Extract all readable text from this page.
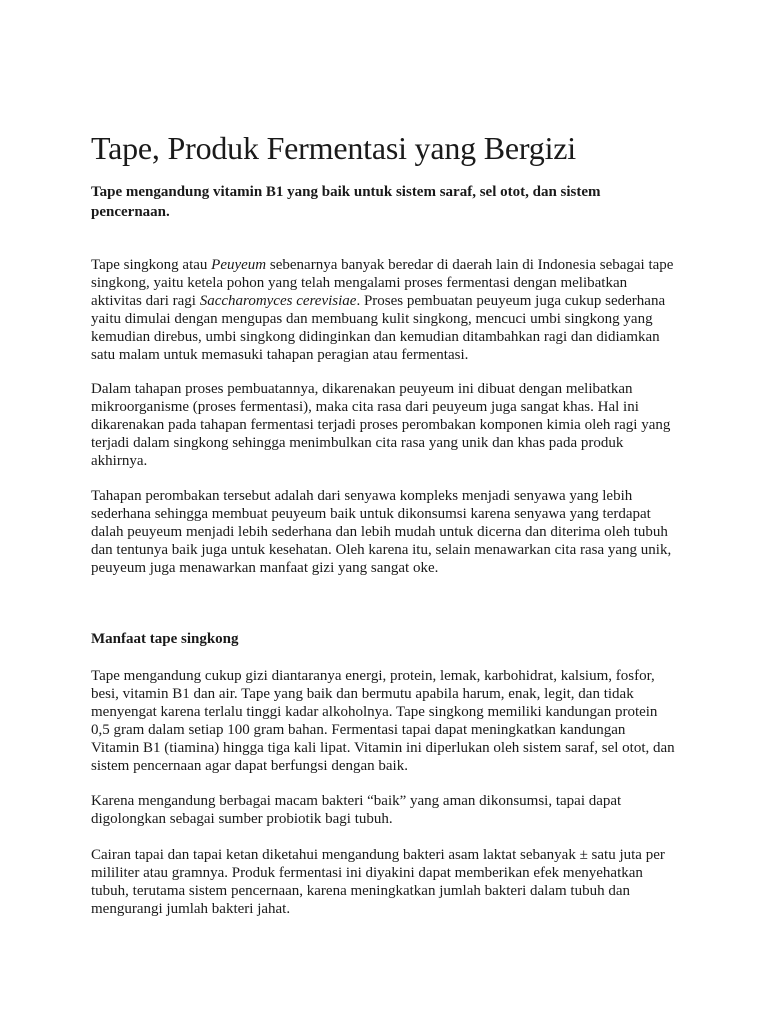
Tape, Produk Fermentasi yang Bergizi

Tape mengandung vitamin B1 yang baik untuk sistem saraf, sel otot, dan sistem pencernaan.

Tape singkong atau Peuyeum sebenarnya banyak beredar di daerah lain di Indonesia sebagai tape
singkong, yaitu ketela pohon yang telah mengalami proses fermentasi dengan melibatkan
aktivitas dari ragi Saccharomyces cerevisiae. Proses pembuatan peuyeum juga cukup sederhana
yaitu dimulai dengan mengupas dan membuang kulit singkong, mencuci umbi singkong yang
kemudian direbus, umbi singkong didinginkan dan kemudian ditambahkan ragi dan didiamkan
satu malam untuk memasuki tahapan peragian atau fermentasi.

Dalam tahapan proses pembuatannya, dikarenakan peuyeum ini dibuat dengan melibatkan
mikroorganisme (proses fermentasi), maka cita rasa dari peuyeum juga sangat khas. Hal ini
dikarenakan pada tahapan fermentasi terjadi proses perombakan komponen kimia oleh ragi yang
terjadi dalam singkong sehingga menimbulkan cita rasa yang unik dan khas pada produk
akhirnya.

Tahapan perombakan tersebut adalah dari senyawa kompleks menjadi senyawa yang lebih
sederhana sehingga membuat peuyeum baik untuk dikonsumsi karena senyawa yang terdapat
dalah peuyeum menjadi lebih sederhana dan lebih mudah untuk dicerna dan diterima oleh tubuh
dan tentunya baik juga untuk kesehatan. Oleh karena itu, selain menawarkan cita rasa yang unik,
peuyeum juga menawarkan manfaat gizi yang sangat oke.

Manfaat tape singkong

Tape mengandung cukup gizi diantaranya energi, protein, lemak, karbohidrat, kalsium, fosfor,
besi, vitamin B1 dan air. Tape yang baik dan bermutu apabila harum, enak, legit, dan tidak
menyengat karena terlalu tinggi kadar alkoholnya. Tape singkong memiliki kandungan protein
0,5 gram dalam setiap 100 gram bahan. Fermentasi tapai dapat meningkatkan kandungan
Vitamin B1 (tiamina) hingga tiga kali lipat. Vitamin ini diperlukan oleh sistem saraf, sel otot, dan
sistem pencernaan agar dapat berfungsi dengan baik.

Karena mengandung berbagai macam bakteri “baik” yang aman dikonsumsi, tapai dapat
digolongkan sebagai sumber probiotik bagi tubuh.

Cairan tapai dan tapai ketan diketahui mengandung bakteri asam laktat sebanyak ± satu juta per
mililiter atau gramnya. Produk fermentasi ini diyakini dapat memberikan efek menyehatkan
tubuh, terutama sistem pencernaan, karena meningkatkan jumlah bakteri dalam tubuh dan
mengurangi jumlah bakteri jahat.
